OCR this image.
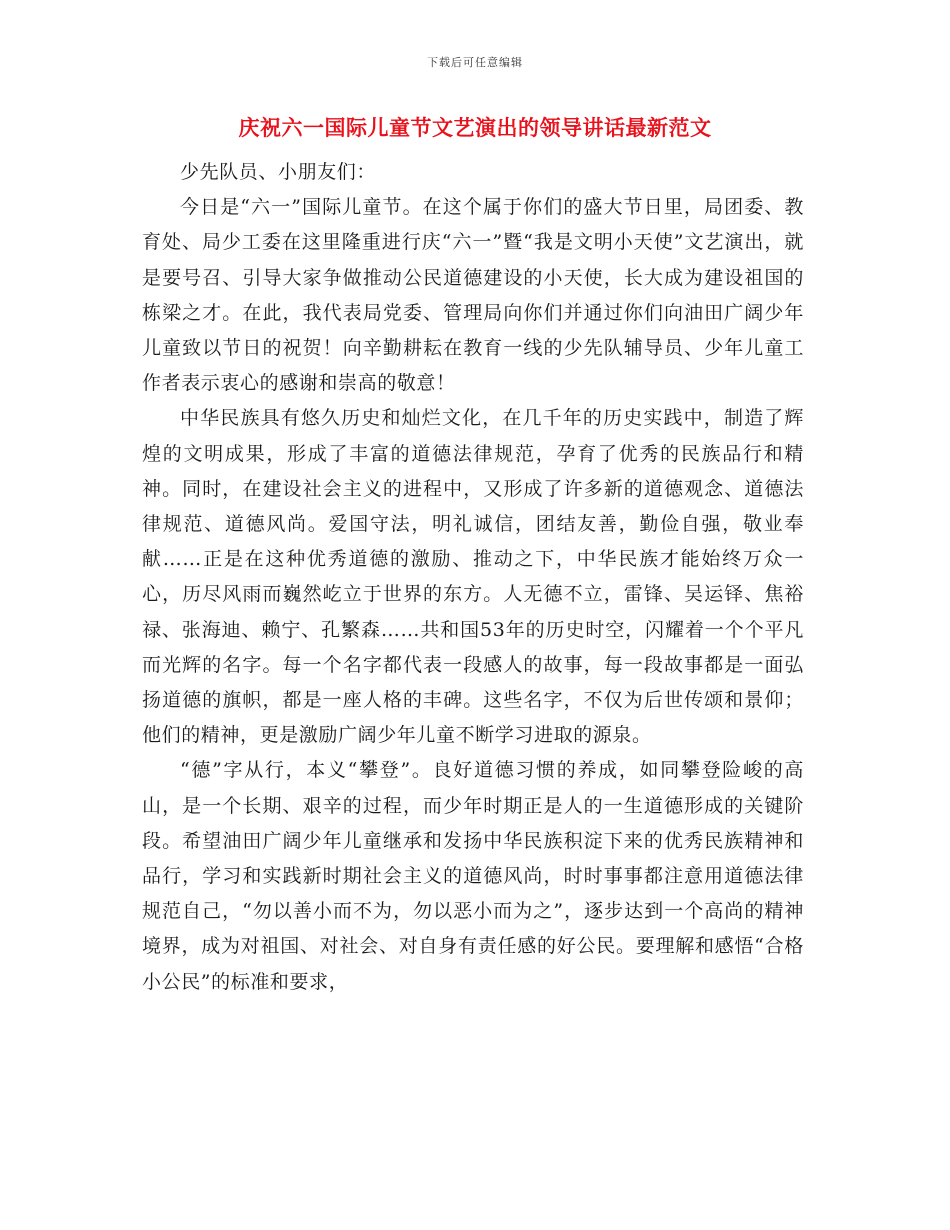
下载后可任意编辑
庆祝六一国际儿童节文艺演出的领导讲话最新范文

少先队员、小朋友们：

今日是“六一”国际儿童节。在这个属于你们的盛大节日里，局团委、教育处、局少工委在这里隆重进行庆“六一”暨“我是文明小天使”文艺演出，就是要号召、引导大家争做推动公民道德建设的小天使，长大成为建设祖国的栋梁之才。在此，我代表局党委、管理局向你们并通过你们向油田广阔少年儿童致以节日的祝贺！向辛勤耕耘在教育一线的少先队辅导员、少年儿童工作者表示衷心的感谢和崇高的敬意！

中华民族具有悠久历史和灿烂文化，在几千年的历史实践中，制造了辉煌的文明成果，形成了丰富的道德法律规范，孕育了优秀的民族品行和精神。同时，在建设社会主义的进程中，又形成了许多新的道德观念、道德法律规范、道德风尚。爱国守法，明礼诚信，团结友善，勤俭自强，敬业奉献……正是在这种优秀道德的激励、推动之下，中华民族才能始终万众一心，历尽风雨而巍然屹立于世界的东方。人无德不立，雷锋、吴运铎、焦裕禄、张海迪、赖宁、孔繁森……共和国53年的历史时空，闪耀着一个个平凡而光辉的名字。每一个名字都代表一段感人的故事，每一段故事都是一面弘扬道德的旗帜，都是一座人格的丰碑。这些名字，不仅为后世传颂和景仰；他们的精神，更是激励广阔少年儿童不断学习进取的源泉。

“德”字从行，本义“攀登”。良好道德习惯的养成，如同攀登险峻的高山，是一个长期、艰辛的过程，而少年时期正是人的一生道德形成的关键阶段。希望油田广阔少年儿童继承和发扬中华民族积淀下来的优秀民族精神和品行，学习和实践新时期社会主义的道德风尚，时时事事都注意用道德法律规范自己，“勿以善小而不为，勿以恶小而为之”，逐步达到一个高尚的精神境界，成为对祖国、对社会、对自身有责任感的好公民。要理解和感悟“合格小公民”的标准和要求，
